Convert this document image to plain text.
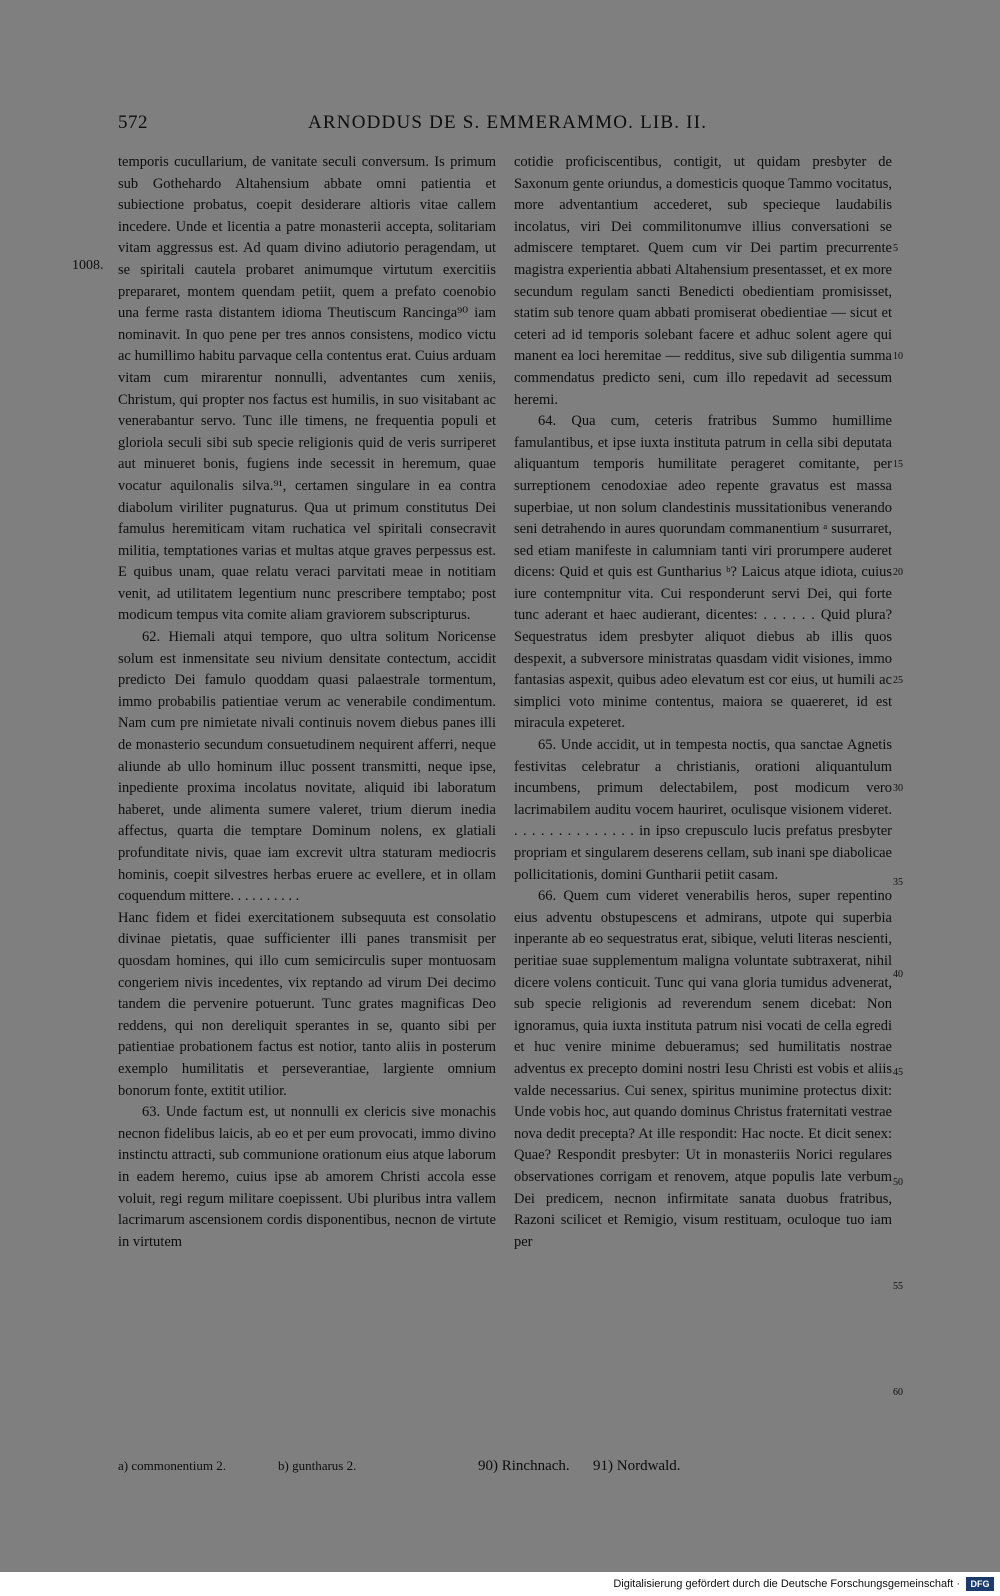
572	ARNODDUS DE S. EMMERAMMO. LIB. II.
1008.

temporis cucullarium, de vanitate seculi conversum. Is primum sub Gothehardo Altahensium abbate omni patientia et subiectione probatus, coepit desiderare altioris vitae callem incedere. Unde et licentia a patre monasterii accepta, solitariam vitam aggressus est. Ad quam divino adiutorio peragendam, ut se spiritali cautela probaret animumque virtutum exercitiis prepararet, montem quendam petiit, quem a prefato coenobio una ferme rasta distantem idioma Theutiscum Rancinga⁹⁰ iam nominavit. In quo pene per tres annos consistens, modico victu ac humillimo habitu parvaque cella contentus erat. Cuius arduam vitam cum mirarentur nonnulli, adventantes cum xeniis, Christum, qui propter nos factus est humilis, in suo visitabant ac venerabantur servo. Tunc ille timens, ne frequentia populi et gloriola seculi sibi sub specie religionis quid de veris surriperet aut minueret bonis, fugiens inde secessit in heremum, quae vocatur aquilonalis silva.⁹¹, certamen singulare in ea contra diabolum viriliter pugnaturus. Qua ut primum constitutus Dei famulus heremiticam vitam ruchatica vel spiritali consecravit militia, temptationes varias et multas atque graves perpessus est. E quibus unam, quae relatu veraci parvitati meae in notitiam venit, ad utilitatem legentium nunc prescribere temptabo; post modicum tempus vita comite aliam graviorem subscripturus.

62. Hiemali atqui tempore, quo ultra solitum Noricense solum est inmensitate seu nivium densitate contectum, accidit predicto Dei famulo quoddam quasi palaestrale tormentum, immo probabilis patientiae verum ac venerabile condimentum. Nam cum pre nimietate nivali continuis novem diebus panes illi de monasterio secundum consuetudinem nequirent afferri, neque aliunde ab ullo hominum illuc possent transmitti, neque ipse, inpediente proxima incolatus novitate, aliquid ibi laboratum haberet, unde alimenta sumere valeret, trium dierum inedia affectus, quarta die temptare Dominum nolens, ex glatiali profunditate nivis, quae iam excrevit ultra staturam mediocris hominis, coepit silvestres herbas eruere ac evellere, et in ollam coquendum mittere. . . . . . . . . .

Hanc fidem et fidei exercitationem subsequuta est consolatio divinae pietatis, quae sufficienter illi panes transmisit per quosdam homines, qui illo cum semicirculis super montuosam congeriem nivis incedentes, vix reptando ad virum Dei decimo tandem die pervenire potuerunt. Tunc grates magnificas Deo reddens, qui non dereliquit sperantes in se, quanto sibi per patientiae probationem factus est notior, tanto aliis in posterum exemplo humilitatis et perseverantiae, largiente omnium bonorum fonte, extitit utilior.

63. Unde factum est, ut nonnulli ex clericis sive monachis necnon fidelibus laicis, ab eo et per eum provocati, immo divino instinctu attracti, sub communione orationum eius atque laborum in eadem heremo, cuius ipse ab amorem Christi accola esse voluit, regi regum militare coepissent. Ubi pluribus intra vallem lacrimarum ascensionem cordis disponentibus, necnon de virtute in virtutem

cotidie proficiscentibus, contigit, ut quidam presbyter de Saxonum gente oriundus, a domesticis quoque Tammo vocitatus, more adventantium accederet, sub specieque laudabilis incolatus, viri Dei commilitonumve illius conversationi se admiscere temptaret. Quem cum vir Dei partim precurrente magistra experientia abbati Altahensium presentasset, et ex more secundum regulam sancti Benedicti obedientiam promisisset, statim sub tenore quam abbati promiserat obedientiae — sicut et ceteri ad id temporis solebant facere et adhuc solent agere qui manent ea loci heremitae — redditus, sive sub diligentia summa commendatus predicto seni, cum illo repedavit ad secessum heremi.

64. Qua cum, ceteris fratribus Summo humillime famulantibus, et ipse iuxta instituta patrum in cella sibi deputata aliquantum temporis humilitate perageret comitante, per surreptionem cenodoxiae adeo repente gravatus est massa superbiae, ut non solum clandestinis mussitationibus venerando seni detrahendo in aures quorundam commanentium ᵃ susurraret, sed etiam manifeste in calumniam tanti viri prorumpere auderet dicens: Quid et quis est Guntharius ᵇ? Laicus atque idiota, cuius iure contempnitur vita. Cui responderunt servi Dei, qui forte tunc aderant et haec audierant, dicentes: . . . . . . Quid plura? Sequestratus idem presbyter aliquot diebus ab illis quos despexit, a subversore ministratas quasdam vidit visiones, immo fantasias aspexit, quibus adeo elevatum est cor eius, ut humili ac simplici voto minime contentus, maiora se quaereret, id est miracula expeteret.

65. Unde accidit, ut in tempesta noctis, qua sanctae Agnetis festivitas celebratur a christianis, orationi aliquantulum incumbens, primum delectabilem, post modicum vero lacrimabilem auditu vocem hauriret, oculisque visionem videret. . . . . . . . . . . . . . . in ipso crepusculo lucis prefatus presbyter propriam et singularem deserens cellam, sub inani spe diabolicae pollicitationis, domini Guntharii petiit casam.

66. Quem cum videret venerabilis heros, super repentino eius adventu obstupescens et admirans, utpote qui superbia inperante ab eo sequestratus erat, sibique, veluti literas nescienti, peritiae suae supplementum maligna voluntate subtraxerat, nihil dicere volens conticuit. Tunc qui vana gloria tumidus advenerat, sub specie religionis ad reverendum senem dicebat: Non ignoramus, quia iuxta instituta patrum nisi vocati de cella egredi et huc venire minime debueramus; sed humilitatis nostrae adventus ex precepto domini nostri Iesu Christi est vobis et aliis valde necessarius. Cui senex, spiritus munimine protectus dixit: Unde vobis hoc, aut quando dominus Christus fraternitati vestrae nova dedit precepta? At ille respondit: Hac nocte. Et dicit senex: Quae? Respondit presbyter: Ut in monasteriis Norici regulares observationes corrigam et renovem, atque populis late verbum Dei predicem, necnon infirmitate sanata duobus fratribus, Razoni scilicet et Remigio, visum restituam, oculoque tuo iam per

5
10
15
20
25
30
35
40
45
50
55
60
a) commonentium 2.	b) guntharus 2.	90) Rinchnach. 91) Nordwald.
Digitalisierung gefördert durch die Deutsche Forschungsgemeinschaft ·	DFG
